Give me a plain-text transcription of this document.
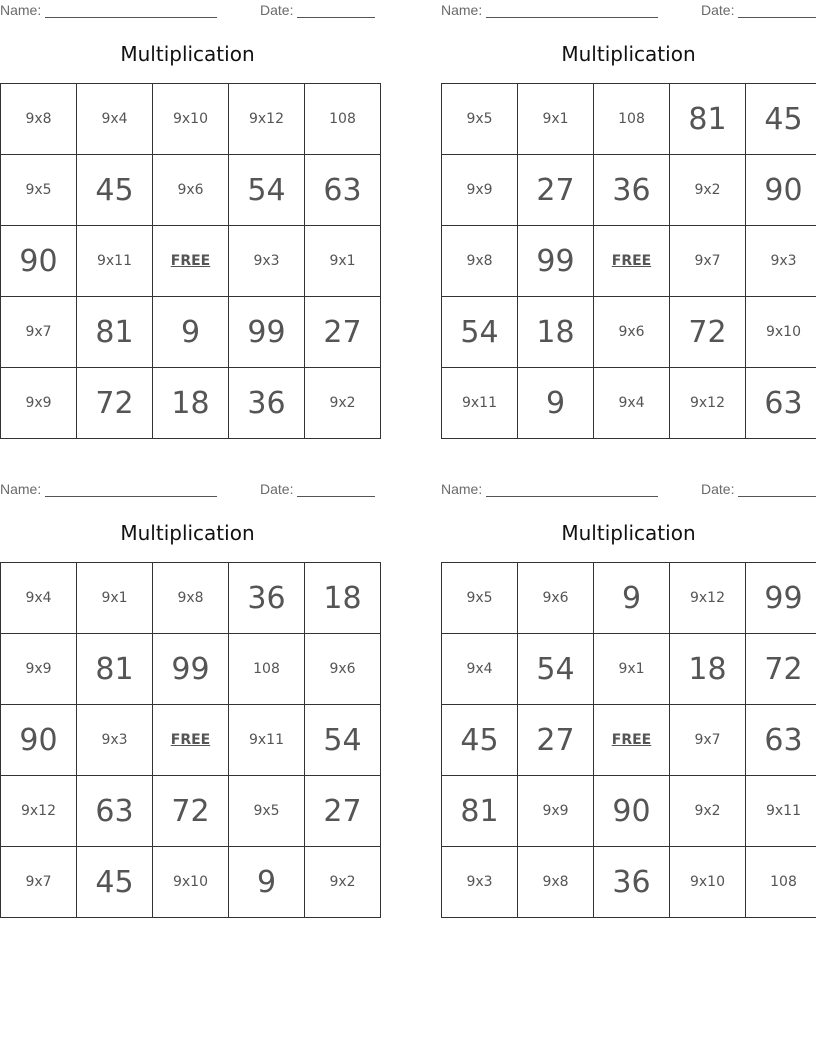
Name:	Date:
Multiplication
9x8	9x4	9x10	9x12	108
9x5	45	9x6	54	63
90	9x11	FREE	9x3	9x1
9x7	81	9	99	27
9x9	72	18	36	9x2
Name:	Date:
Multiplication
9x5	9x1	108	81	45
9x9	27	36	9x2	90
9x8	99	FREE	9x7	9x3
54	18	9x6	72	9x10
9x11	9	9x4	9x12	63
Name:	Date:
Multiplication
9x4	9x1	9x8	36	18
9x9	81	99	108	9x6
90	9x3	FREE	9x11	54
9x12	63	72	9x5	27
9x7	45	9x10	9	9x2
Name:	Date:
Multiplication
9x5	9x6	9	9x12	99
9x4	54	9x1	18	72
45	27	FREE	9x7	63
81	9x9	90	9x2	9x11
9x3	9x8	36	9x10	108
